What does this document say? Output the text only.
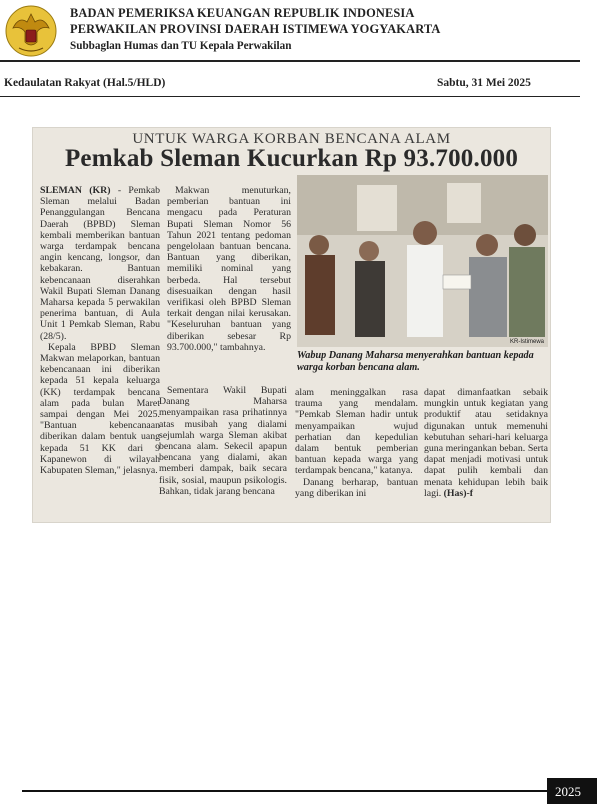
BADAN PEMERIKSA KEUANGAN REPUBLIK INDONESIA
PERWAKILAN PROVINSI DAERAH ISTIMEWA YOGYAKARTA
Subbaglan Humas dan TU Kepala Perwakilan
Kedaulatan Rakyat (Hal.5/HLD)	Sabtu, 31 Mei 2025
UNTUK WARGA KORBAN BENCANA ALAM
Pemkab Sleman Kucurkan Rp 93.700.000

SLEMAN (KR) - Pemkab Sleman melalui Badan Penanggulangan Bencana Daerah (BPBD) Sleman kembali memberikan bantuan warga terdampak bencana angin kencang, longsor, dan kebakaran. Bantuan kebencanaan diserahkan Wakil Bupati Sleman Danang Maharsa kepada 5 perwakilan penerima bantuan, di Aula Unit 1 Pemkab Sleman, Rabu (28/5).

Kepala BPBD Sleman Makwan melaporkan, bantuan kebencanaan ini diberikan kepada 51 kepala keluarga (KK) terdampak bencana alam pada bulan Maret sampai dengan Mei 2025. "Bantuan kebencanaan diberikan dalam bentuk uang kepada 51 KK dari 9 Kapanewon di wilayah Kabupaten Sleman," jelasnya.

Makwan menuturkan, pemberian bantuan ini mengacu pada Peraturan Bupati Sleman Nomor 56 Tahun 2021 tentang pedoman pengelolaan bantuan bencana. Bantuan yang diberikan, memiliki nominal yang berbeda. Hal tersebut disesuaikan dengan hasil verifikasi oleh BPBD Sleman terkait dengan nilai kerusakan. "Keseluruhan bantuan yang diberikan sebesar Rp 93.700.000," tambahnya.

Sementara Wakil Bupati Danang Maharsa menyampaikan rasa prihatinnya atas musibah yang dialami sejumlah warga Sleman akibat bencana alam. Sekecil apapun bencana yang dialami, akan memberi dampak, baik secara fisik, sosial, maupun psikologis. Bahkan, tidak jarang bencana

KR-Istimewa
Wabup Danang Maharsa menyerahkan bantuan kepada warga korban bencana alam.

alam meninggalkan rasa trauma yang mendalam. "Pemkab Sleman hadir untuk menyampaikan wujud perhatian dan kepedulian dalam bentuk pemberian bantuan kepada warga yang terdampak bencana," katanya.

Danang berharap, bantuan yang diberikan ini

dapat dimanfaatkan sebaik mungkin untuk kegiatan yang produktif atau setidaknya digunakan untuk memenuhi kebutuhan sehari-hari keluarga guna meringankan beban. Serta dapat menjadi motivasi untuk dapat pulih kembali dan menata kehidupan lebih baik lagi. (Has)-f

2025
